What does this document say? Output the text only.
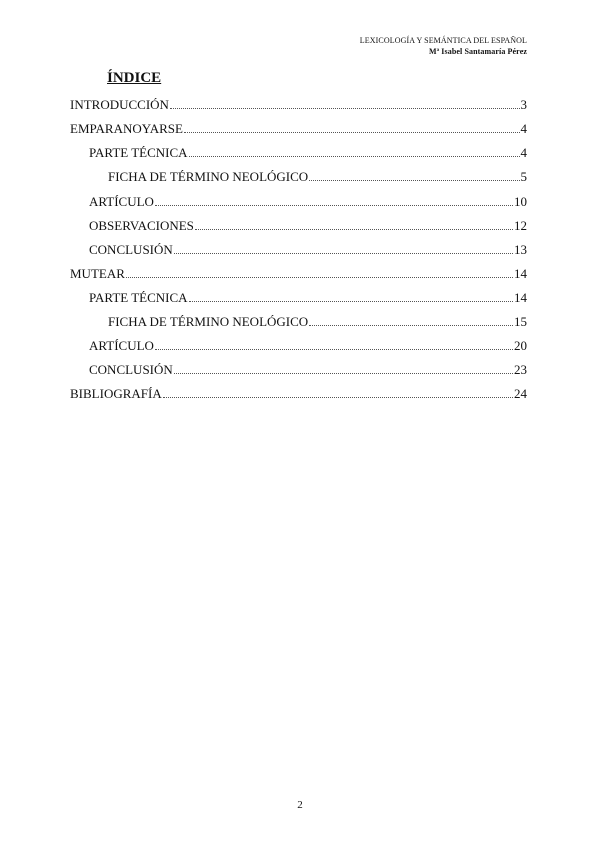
LEXICOLOGÍA Y SEMÁNTICA DEL ESPAÑOL
Mª Isabel Santamaría Pérez
ÍNDICE
INTRODUCCIÓN	3
EMPARANOYARSE	4
PARTE TÉCNICA	4
FICHA DE TÉRMINO NEOLÓGICO	5
ARTÍCULO	10
OBSERVACIONES	12
CONCLUSIÓN	13
MUTEAR	14
PARTE TÉCNICA	14
FICHA DE TÉRMINO NEOLÓGICO	15
ARTÍCULO	20
CONCLUSIÓN	23
BIBLIOGRAFÍA	24
2
